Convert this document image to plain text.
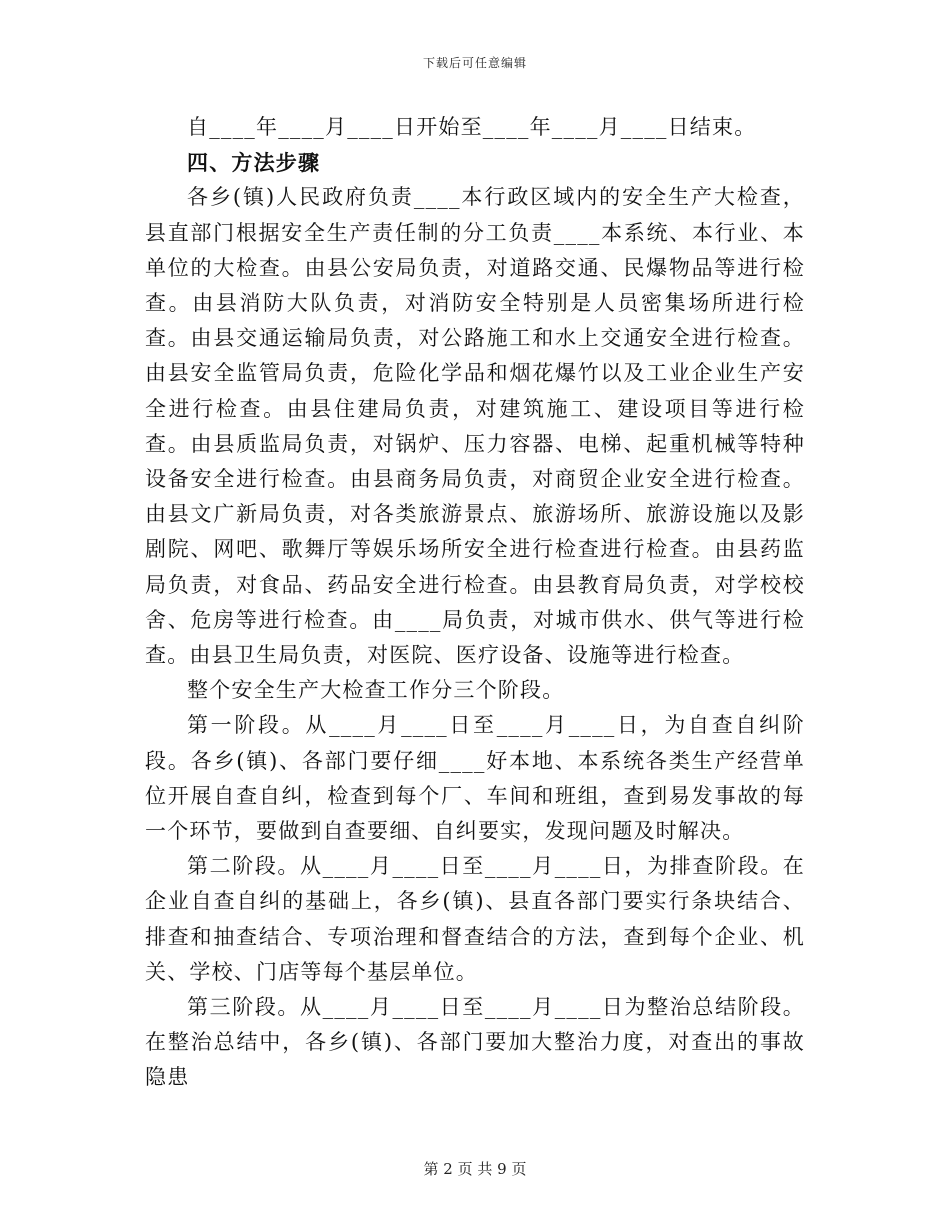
下载后可任意编辑

自____年____月____日开始至____年____月____日结束。

四、方法步骤

各乡(镇)人民政府负责____本行政区域内的安全生产大检查，县直部门根据安全生产责任制的分工负责____本系统、本行业、本单位的大检查。由县公安局负责，对道路交通、民爆物品等进行检查。由县消防大队负责，对消防安全特别是人员密集场所进行检查。由县交通运输局负责，对公路施工和水上交通安全进行检查。由县安全监管局负责，危险化学品和烟花爆竹以及工业企业生产安全进行检查。由县住建局负责，对建筑施工、建设项目等进行检查。由县质监局负责，对锅炉、压力容器、电梯、起重机械等特种设备安全进行检查。由县商务局负责，对商贸企业安全进行检查。由县文广新局负责，对各类旅游景点、旅游场所、旅游设施以及影剧院、网吧、歌舞厅等娱乐场所安全进行检查进行检查。由县药监局负责，对食品、药品安全进行检查。由县教育局负责，对学校校舍、危房等进行检查。由____局负责，对城市供水、供气等进行检查。由县卫生局负责，对医院、医疗设备、设施等进行检查。

整个安全生产大检查工作分三个阶段。

第一阶段。从____月____日至____月____日，为自查自纠阶段。各乡(镇)、各部门要仔细____好本地、本系统各类生产经营单位开展自查自纠，检查到每个厂、车间和班组，查到易发事故的每一个环节，要做到自查要细、自纠要实，发现问题及时解决。

第二阶段。从____月____日至____月____日，为排查阶段。在企业自查自纠的基础上，各乡(镇)、县直各部门要实行条块结合、排查和抽查结合、专项治理和督查结合的方法，查到每个企业、机关、学校、门店等每个基层单位。

第三阶段。从____月____日至____月____日为整治总结阶段。在整治总结中，各乡(镇)、各部门要加大整治力度，对查出的事故隐患

第 2 页 共 9 页
